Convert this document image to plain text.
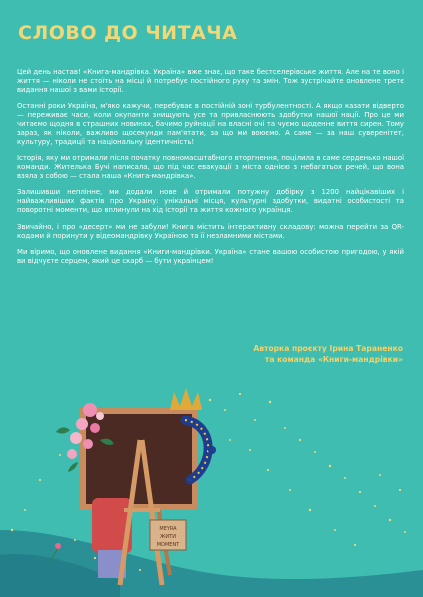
СЛОВО ДО ЧИТАЧА

Цей день настав! «Книга-мандрівка. Україна» вже знає, що таке бестселерівське життя. Але на те воно і життя — ніколи не стоїть на місці й потребує постійного руху та змін. Тож зустрічайте оновлене третє видання нашої з вами історії.

Останні роки Україна, м'яко кажучи, перебуває в постійній зоні турбулентності. А якщо казати відверто — переживає часи, коли окупанти знищують усе та привласнюють здобутки нашої нації. Про це ми читаємо щодня в страшних новинах, бачимо руйнації на власні очі та чуємо щоденне виття сирен. Тому зараз, як ніколи, важливо щосекунди пам'ятати, за що ми воюємо. А саме — за наш суверенітет, культуру, традиції та національну ідентичність!

Історія, яку ми отримали після початку повномасштабного вторгнення, поцілила в саме серденько нашої команди. Жителька Бучі написала, що під час евакуації з міста однією з небагатьох речей, що вона взяла з собою — стала наша «Книга-мандрівка».

Залишивши неплінне, ми додали нове й отримали потужну добірку з 1200 найцікавіших і найважливіших фактів про Україну: унікальні місця, культурні здобутки, видатні особистості та поворотні моменти, що вплинули на хід історії та життя кожного українця.

Звичайно, і про «десерт» ми не забули! Книга містить інтерактивну складову: можна перейти за QR-кодами й поринути у відеомандрівку Україною та її незламними містами.

Ми віримо, що оновлене видання «Книги-мандрівки. Україна» стане вашою особистою пригодою, у якій ви відчуєте серцем, який це скарб — бути українцем!

Авторка проєкту Ірина Тараненко
та команда «Книги-мандрівки»
MEYRA
ЖИТИ
MOMENT
